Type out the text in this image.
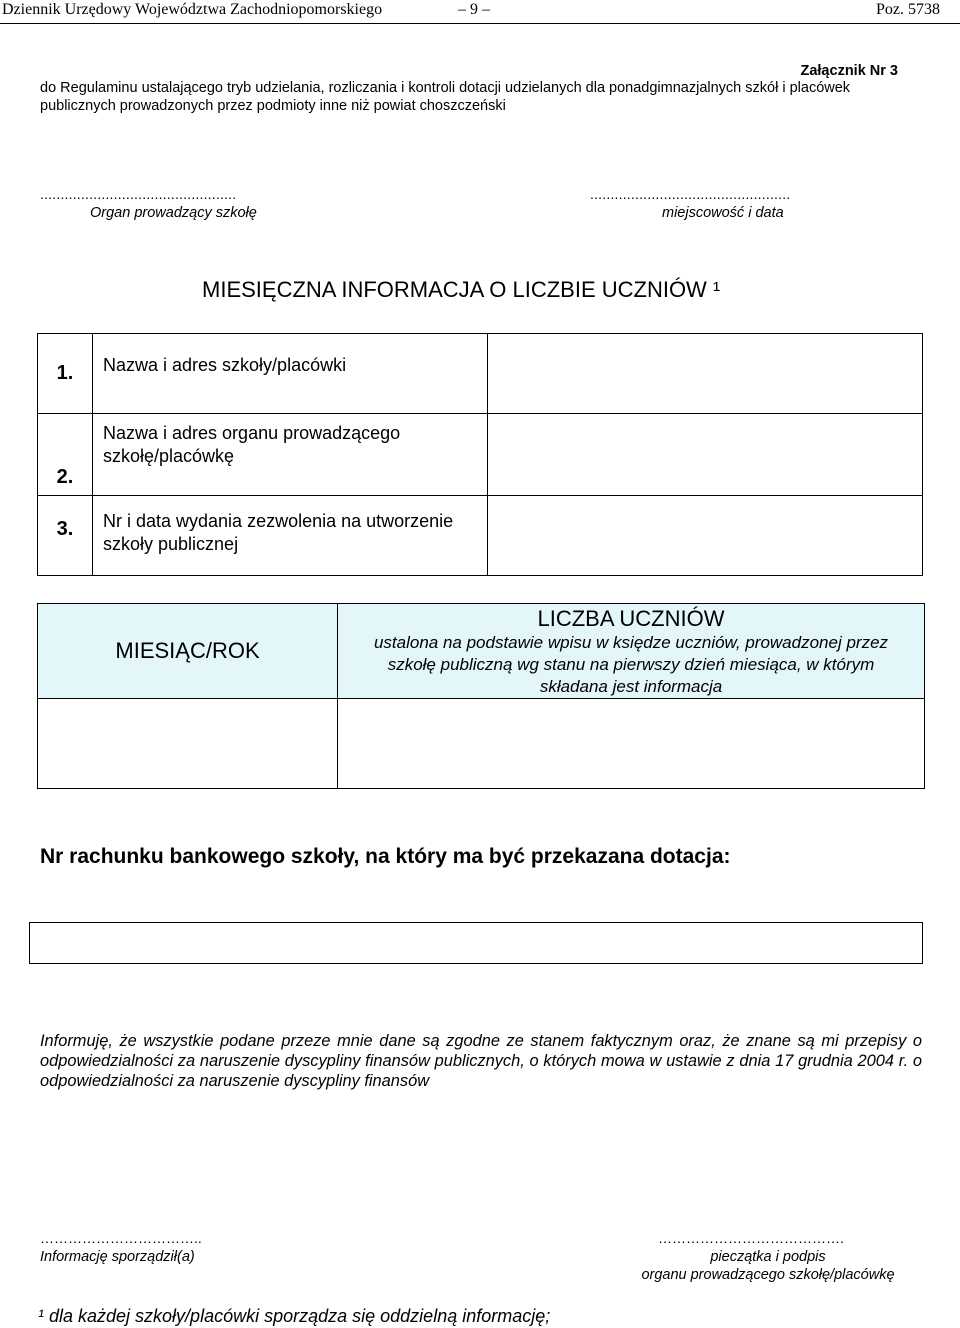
Dziennik Urzędowy Województwa Zachodniopomorskiego	– 9 –	Poz. 5738
Załącznik Nr 3
do Regulaminu ustalającego tryb udzielania, rozliczania i kontroli dotacji udzielanych dla ponadgimnazjalnych szkół i placówek
publicznych prowadzonych przez podmioty inne niż powiat choszczeński
................................................
Organ prowadzący szkołę
.................................................
miejscowość i data
MIESIĘCZNA INFORMACJA O LICZBIE UCZNIÓW ¹
1.	Nazwa i adres szkoły/placówki	
2.	Nazwa i adres organu prowadzącego szkołę/placówkę	
3.	Nr i data wydania zezwolenia na utworzenie szkoły publicznej	
MIESIĄC/ROK
LICZBA UCZNIÓW
ustalona na podstawie wpisu w księdze uczniów, prowadzonej przez szkołę publiczną wg stanu na pierwszy dzień miesiąca, w którym składana jest informacja
Nr rachunku bankowego szkoły, na który ma być przekazana dotacja:
Informuję, że wszystkie podane przeze mnie dane są zgodne ze stanem faktycznym oraz, że znane są mi przepisy o odpowiedzialności za naruszenie dyscypliny finansów publicznych, o których mowa w ustawie z dnia 17 grudnia 2004 r. o odpowiedzialności za naruszenie dyscypliny finansów
……………………………..
Informację sporządził(a)
………………………………….
pieczątka i podpis
organu prowadzącego szkołę/placówkę
¹ dla każdej szkoły/placówki sporządza się oddzielną informację;
